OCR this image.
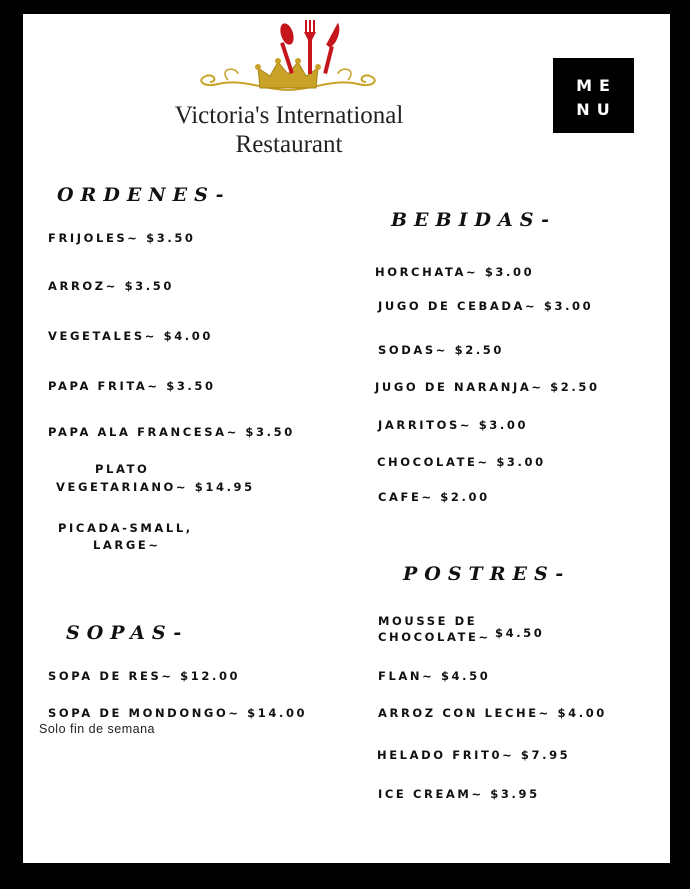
Victoria's International
Restaurant
ME
NU
ORDENES-
FRIJOLES~ $3.50
ARROZ~ $3.50
VEGETALES~ $4.00
PAPA FRITA~ $3.50
PAPA ALA FRANCESA~ $3.50
PLATO
VEGETARIANO~ $14.95
PICADA-SMALL,
LARGE~
SOPAS-
SOPA DE RES~ $12.00
SOPA DE MONDONGO~ $14.00
Solo fin de semana
BEBIDAS-
HORCHATA~ $3.00
JUGO DE CEBADA~ $3.00
SODAS~ $2.50
JUGO DE NARANJA~ $2.50
JARRITOS~ $3.00
CHOCOLATE~ $3.00
CAFE~ $2.00
POSTRES-
MOUSSE DE
CHOCOLATE~ $4.50
FLAN~ $4.50
ARROZ CON LECHE~ $4.00
HELADO FRIT0~ $7.95
ICE CREAM~ $3.95
